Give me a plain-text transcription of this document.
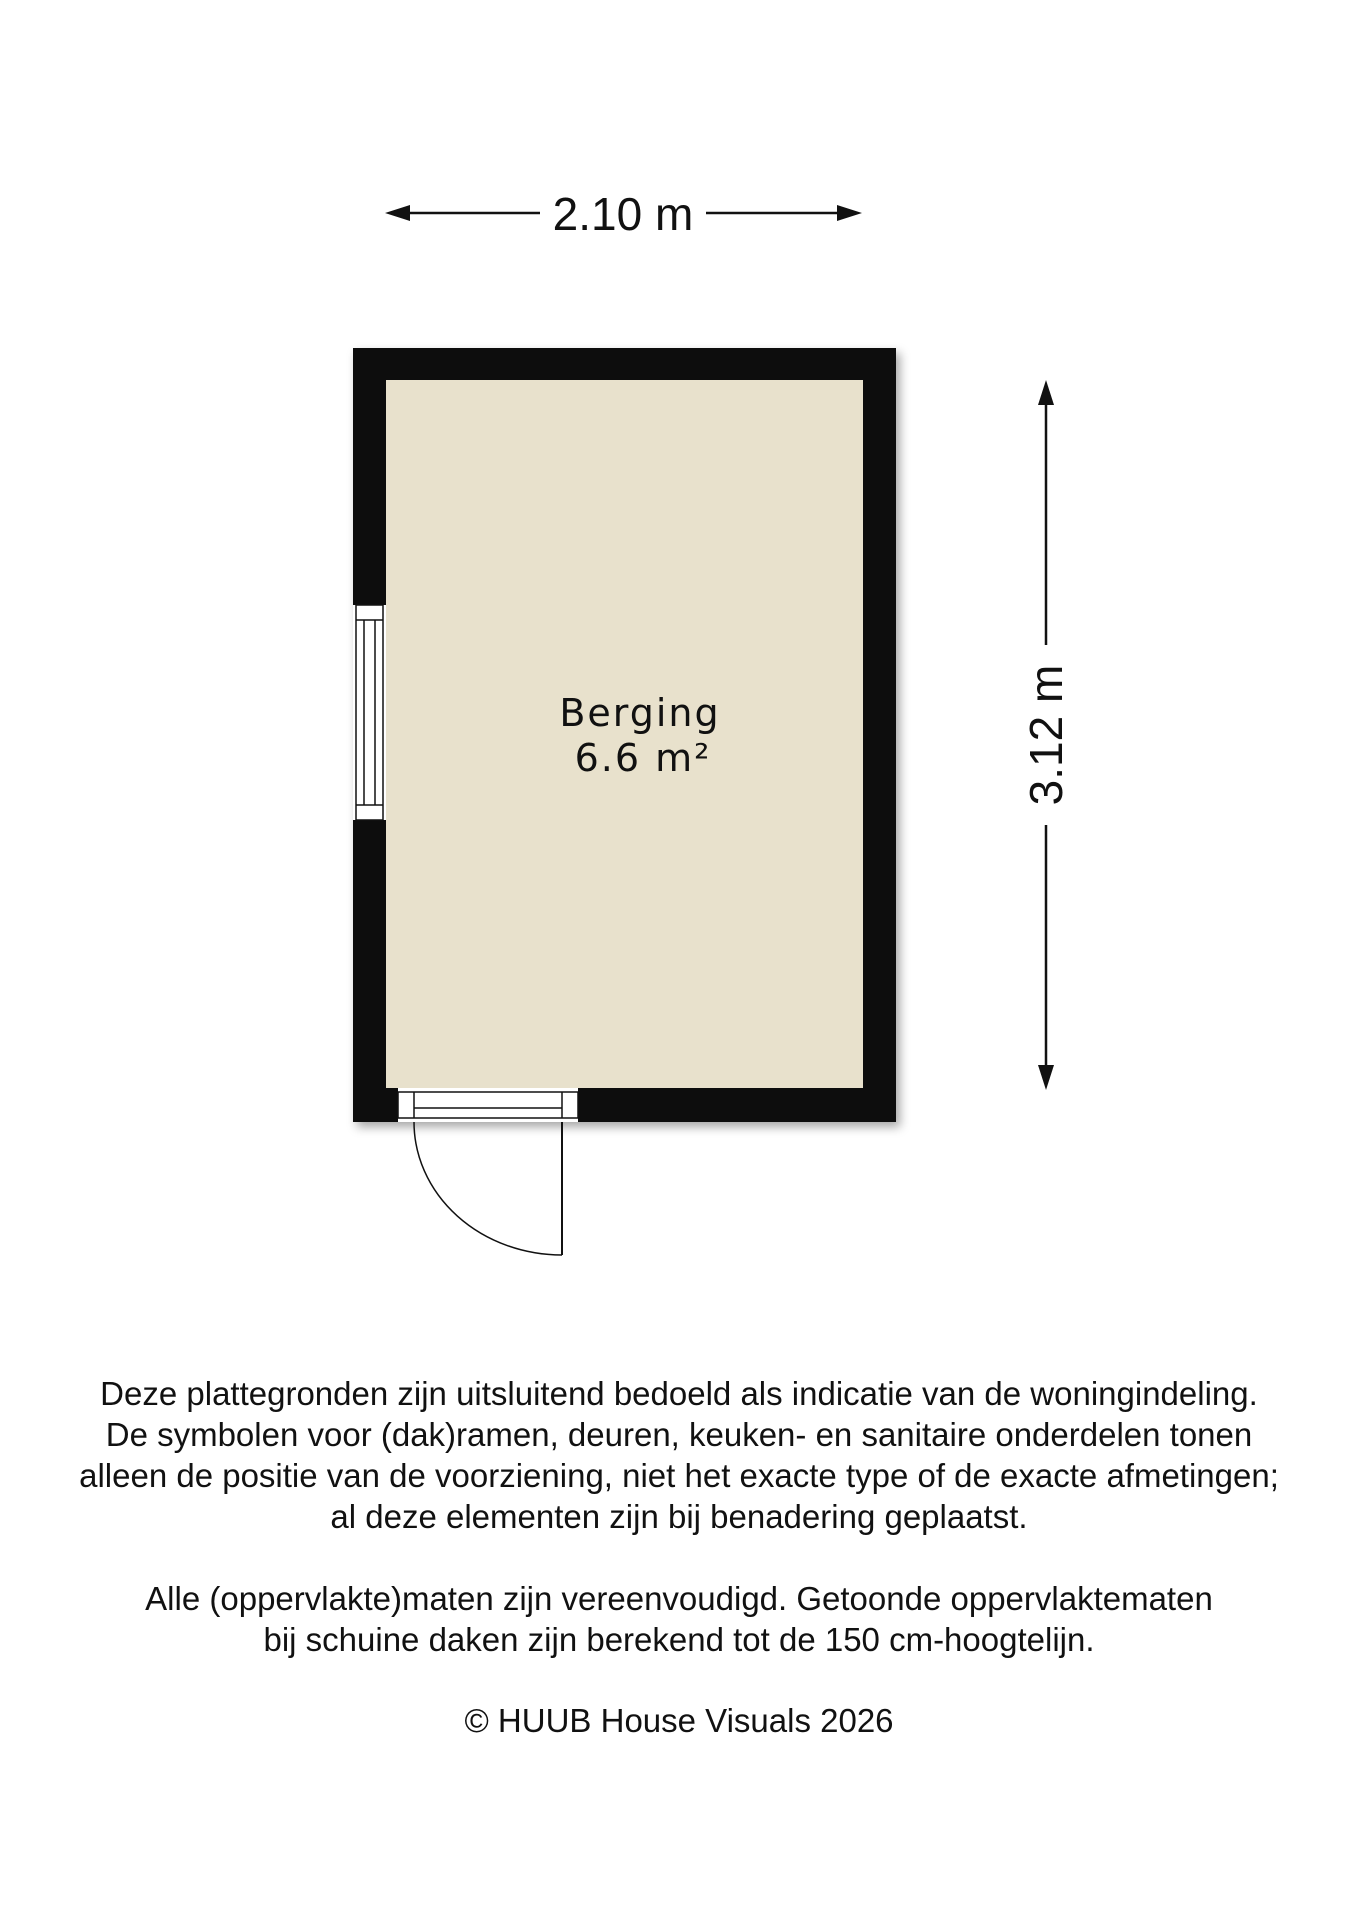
2.10 m
3.12 m
Berging
6.6 m²

Deze plattegronden zijn uitsluitend bedoeld als indicatie van de woningindeling.

De symbolen voor (dak)ramen, deuren, keuken- en sanitaire onderdelen tonen

alleen de positie van de voorziening, niet het exacte type of de exacte afmetingen;

al deze elementen zijn bij benadering geplaatst.

Alle (oppervlakte)maten zijn vereenvoudigd. Getoonde oppervlaktematen

bij schuine daken zijn berekend tot de 150 cm-hoogtelijn.

© HUUB House Visuals 2026
